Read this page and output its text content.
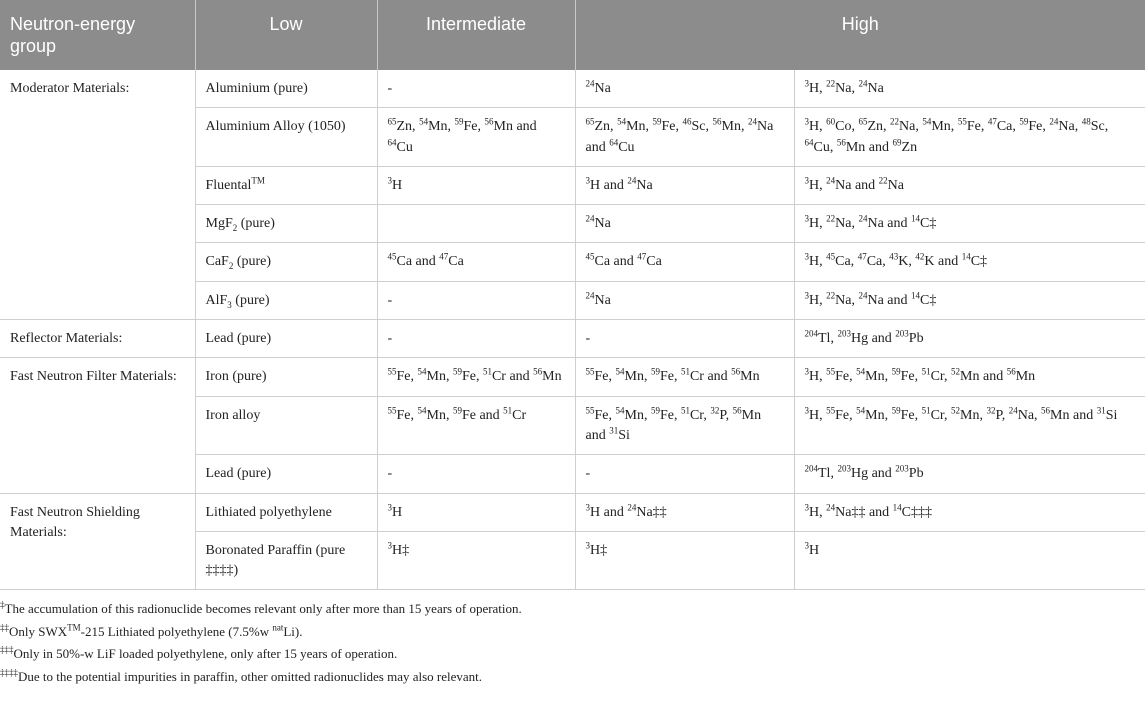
Neutron-energy group	Low	Intermediate	High	
Moderator Materials:	Aluminium (pure)	-	$^{24}$Na	$^3$H, $^{22}$Na, $^{24}$Na
	Aluminium Alloy (1050)	$^{65}$Zn, $^{54}$Mn, $^{59}$Fe, $^{56}$Mn and $^{64}$Cu	$^{65}$Zn, $^{54}$Mn, $^{59}$Fe, $^{46}$Sc, $^{56}$Mn, $^{24}$Na and $^{64}$Cu	$^3$H, $^{60}$Co, $^{65}$Zn, $^{22}$Na, $^{54}$Mn, $^{55}$Fe, $^{47}$Ca, $^{59}$Fe, $^{24}$Na, $^{48}$Sc, $^{64}$Cu, $^{56}$Mn and $^{69}$Zn
	Fluental™	$^3$H	$^3$H and $^{24}$Na	$^3$H, $^{24}$Na and $^{22}$Na
	MgF$_2$ (pure)		$^{24}$Na	$^3$H, $^{22}$Na, $^{24}$Na and $^{14}$C‡
	CaF$_2$ (pure)	$^{45}$Ca and $^{47}$Ca	$^{45}$Ca and $^{47}$Ca	$^3$H, $^{45}$Ca, $^{47}$Ca, $^{43}$K, $^{42}$K and $^{14}$C‡
	AlF$_3$ (pure)	-	$^{24}$Na	$^3$H, $^{22}$Na, $^{24}$Na and $^{14}$C‡
Reflector Materials:	Lead (pure)	-	-	$^{204}$Tl, $^{203}$Hg and $^{203}$Pb
Fast Neutron Filter Materials:	Iron (pure)	$^{55}$Fe, $^{54}$Mn, $^{59}$Fe, $^{51}$Cr and $^{56}$Mn	$^{55}$Fe, $^{54}$Mn, $^{59}$Fe, $^{51}$Cr and $^{56}$Mn	$^3$H, $^{55}$Fe, $^{54}$Mn, $^{59}$Fe, $^{51}$Cr, $^{52}$Mn and $^{56}$Mn
	Iron alloy	$^{55}$Fe, $^{54}$Mn, $^{59}$Fe and $^{51}$Cr	$^{55}$Fe, $^{54}$Mn, $^{59}$Fe, $^{51}$Cr, $^{32}$P, $^{56}$Mn and $^{31}$Si	$^3$H, $^{55}$Fe, $^{54}$Mn, $^{59}$Fe, $^{51}$Cr, $^{52}$Mn, $^{32}$P, $^{24}$Na, $^{56}$Mn and $^{31}$Si
	Lead (pure)	-	-	$^{204}$Tl, $^{203}$Hg and $^{203}$Pb
Fast Neutron Shielding Materials:	Lithiated polyethylene	$^3$H	$^3$H and $^{24}$Na‡‡	$^3$H, $^{24}$Na‡‡ and $^{14}$C‡‡‡
	Boronated Paraffin (pure ‡‡‡‡)	$^3$H‡	$^3$H‡	$^3$H
‡The accumulation of this radionuclide becomes relevant only after more than 15 years of operation.
‡‡Only SWX™-215 Lithiated polyethylene (7.5%w $^{nat}$Li).
‡‡‡Only in 50%-w LiF loaded polyethylene, only after 15 years of operation.
‡‡‡‡Due to the potential impurities in paraffin, other omitted radionuclides may also relevant.
